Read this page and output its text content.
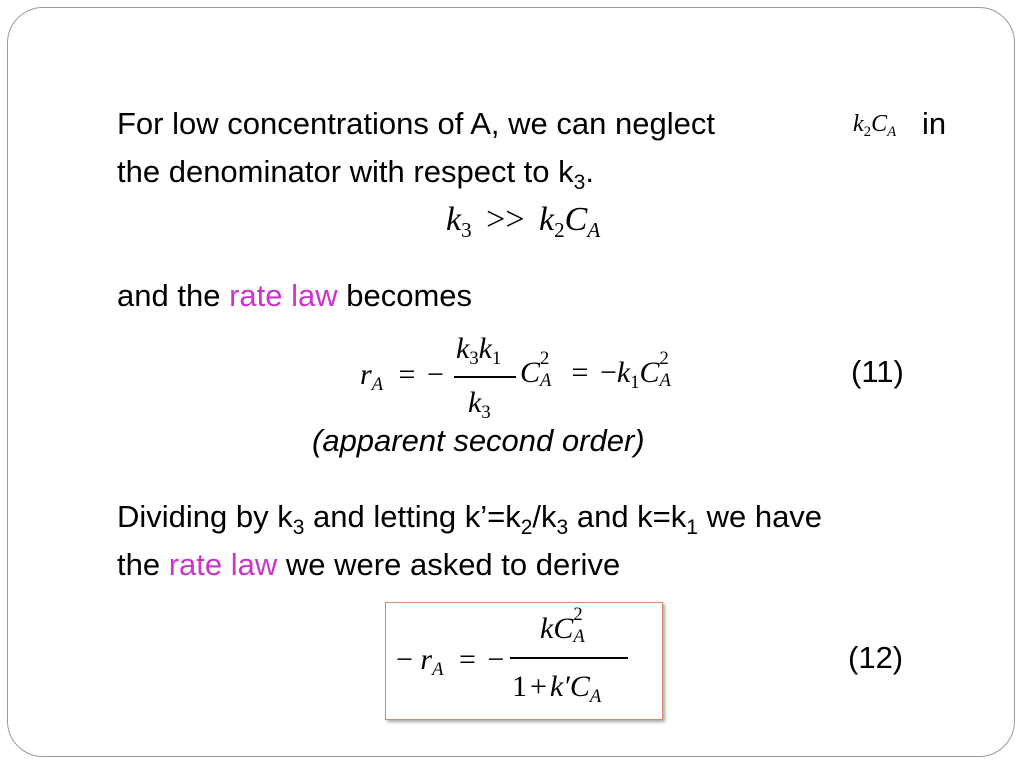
For low concentrations of A, we can neglect	k2CA in
the denominator with respect to $k_3$.
k3 >> k2CA
and the rate law becomes
rA = −
k3k1
k3
C 2
A = −k1C 2
A	(11)
(apparent second order)
Dividing by $k_3$ and letting $k’=k_2/k_3$ and $k=k_1$ we have
the rate law we were asked to derive
− rA = −
kC 2
A
1 + k′CA
(12)
